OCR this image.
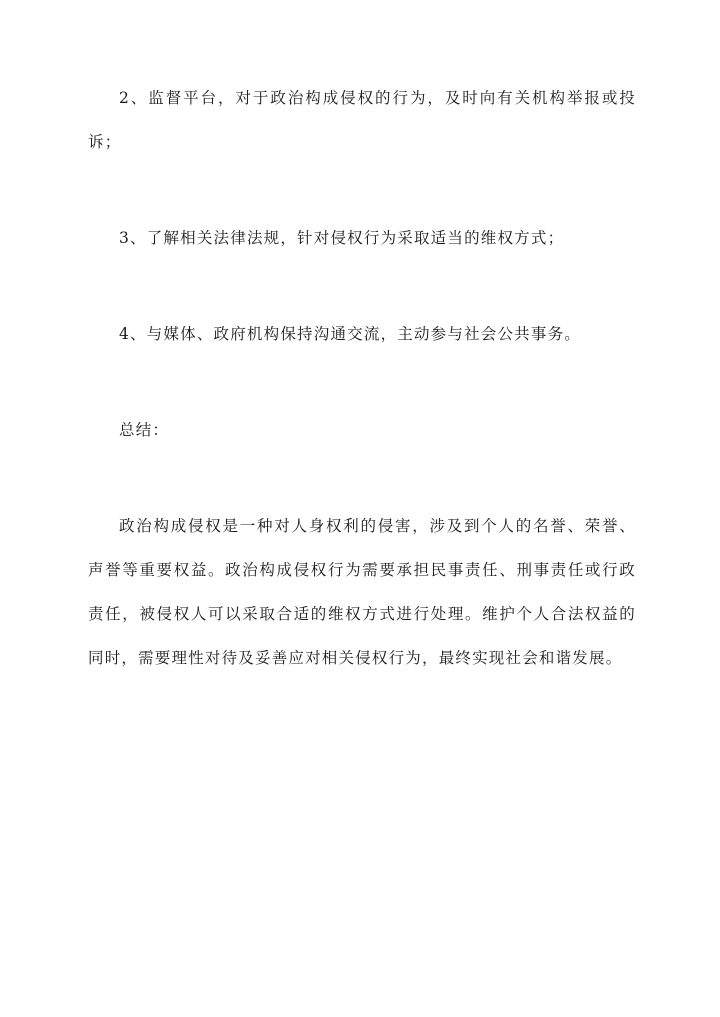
2、监督平台，对于政治构成侵权的行为，及时向有关机构举报或投诉；

3、了解相关法律法规，针对侵权行为采取适当的维权方式；

4、与媒体、政府机构保持沟通交流，主动参与社会公共事务。

总结：

政治构成侵权是一种对人身权利的侵害，涉及到个人的名誉、荣誉、声誉等重要权益。政治构成侵权行为需要承担民事责任、刑事责任或行政责任，被侵权人可以采取合适的维权方式进行处理。维护个人合法权益的同时，需要理性对待及妥善应对相关侵权行为，最终实现社会和谐发展。
